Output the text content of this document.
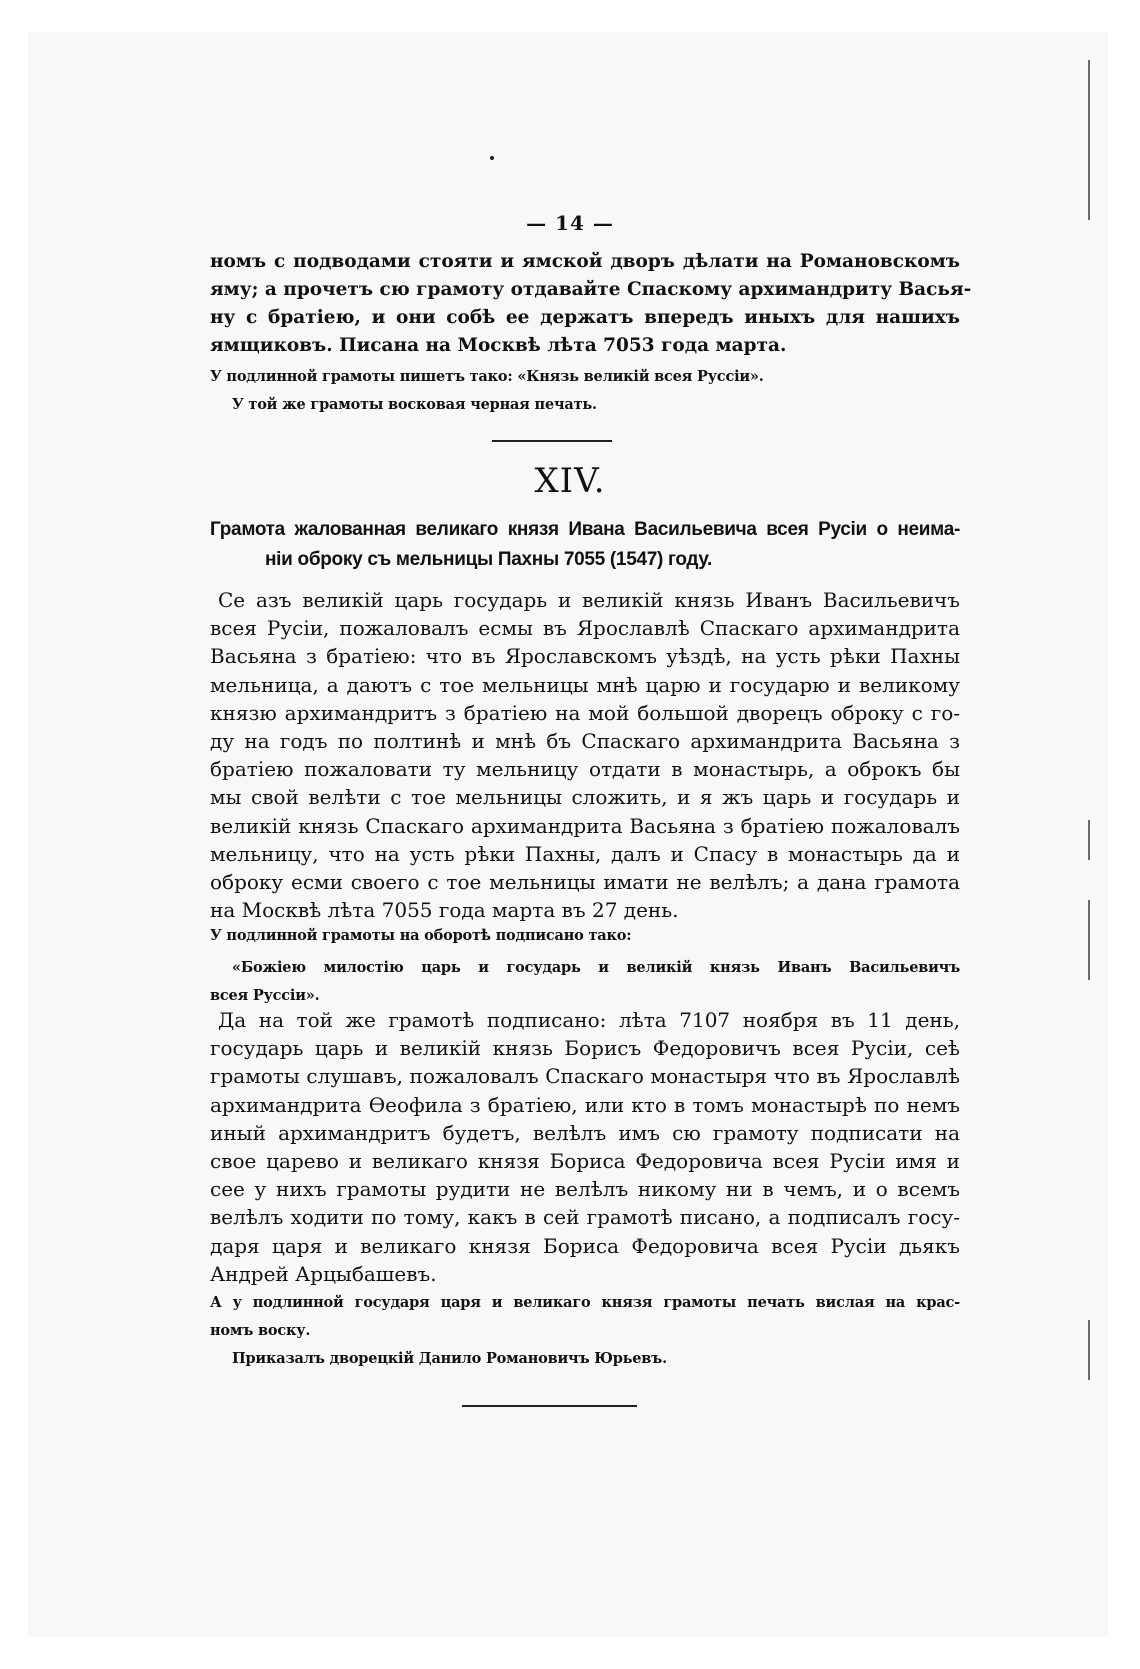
— 14 —
номъ с подводами стояти и ямской дворъ дѣлати на Романовскомъ
яму; а прочетъ сю грамоту отдавайте Спаскому архимандриту Васья-
ну с братiею, и они собѣ ее держатъ впередъ иныхъ для нашихъ
ямщиковъ. Писана на Москвѣ лѣта 7053 года марта.
У подлинной грамоты пишетъ тако: «Князь великiй всея Руссiи».
У той же грамоты восковая черная печать.
XIV.
Грамота жалованная великаго князя Ивана Васильевича всея Русiи о неима-
нiи оброку съ мельницы Пахны 7055 (1547) году.
Се азъ великiй царь государь и великiй князь Иванъ Васильевичъ
всея Русiи, пожаловалъ есмы въ Ярославлѣ Спаскаго архимандрита
Васьяна з братiею: что въ Ярославскомъ уѣздѣ, на усть рѣки Пахны
мельница, а даютъ с тое мельницы мнѣ царю и государю и великому
князю архимандритъ з братiею на мой большой дворецъ оброку с го-
ду на годъ по полтинѣ и мнѣ бъ Спаскаго архимандрита Васьяна з
братiею пожаловати ту мельницу отдати в монастырь, а оброкъ бы
мы свой велѣти с тое мельницы сложить, и я жъ царь и государь и
великiй князь Спаскаго архимандрита Васьяна з братiею пожаловалъ
мельницу, что на усть рѣки Пахны, далъ и Спасу в монастырь да и
оброку есми своего с тое мельницы имати не велѣлъ; а дана грамота
на Москвѣ лѣта 7055 года марта въ 27 день.
У подлинной грамоты на оборотѣ подписано тако:
«Божiею милостiю царь и государь и великiй князь Иванъ Васильевичъ
всея Руссiи».
Да на той же грамотѣ подписано: лѣта 7107 ноября въ 11 день,
государь царь и великiй князь Борисъ Федоровичъ всея Русiи, сеѣ
грамоты слушавъ, пожаловалъ Спаскаго монастыря что въ Ярославлѣ
архимандрита Өеофила з братiею, или кто в томъ монастырѣ по немъ
иный архимандритъ будетъ, велѣлъ имъ сю грамоту подписати на
свое царево и великаго князя Бориса Федоровича всея Русiи имя и
сее у нихъ грамоты рудити не велѣлъ никому ни в чемъ, и о всемъ
велѣлъ ходити по тому, какъ в сей грамотѣ писано, а подписалъ госу-
даря царя и великаго князя Бориса Федоровича всея Русiи дьякъ
Андрей Арцыбашевъ.
А у подлинной государя царя и великаго князя грамоты печать вислая на крас-
номъ воску.
Приказалъ дворецкiй Данило Романовичъ Юрьевъ.
